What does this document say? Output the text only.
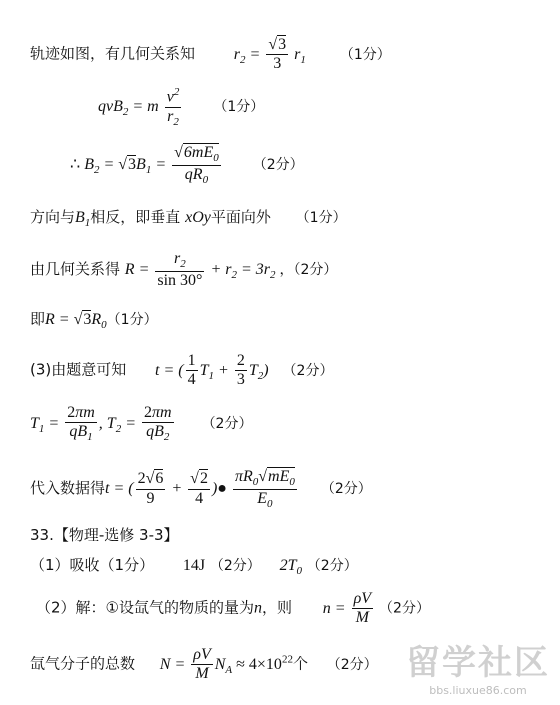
轨迹如图，有几何关系知 $r_2 = \frac{√3}{3} r_1$ （1分）
qvB$_2$ = m $\frac{v^2}{r_2} (1$分）
∴ $B_2 = √3B_1 = \frac{√6mE_0}{qR_0} (2$分）
方向与$B_1$相反，即垂直 xOy平面向外 （1分）
由几何关系得 $R = \frac{r_2}{\sin 30^\circ} + r_2 = 3r_2$ ，（2分）
即$R = √3R_0(1$分）
(3)由题意可知 t = ( $\frac{1}{4} T_1 + \frac{2}{3} T_2$) （2分）
$T_1 = \frac{2\pi m}{qB_1}$ , $T_2 = \frac{2\pi m}{qB_2} (2$分）
代入数据得t = ( $\frac{2√6}{9} + \frac{√2}{4}$ )● $\frac{\pi R_0√mE_0}{E_0} (2$分）
33.【物理-选修 3-3】
（1）吸收（1分） 14J （2分） $2T_0$ （2分）
（2）解：①设氙气的物质的量为n，则 $n = \frac{\rho V}{M} (2$分）
氙气分子的总数 $N = \frac{\rho V}{M} N_A \approx 4\times 10^{22}$个 （2分） 留学社区
bbs.liuxue86.com
